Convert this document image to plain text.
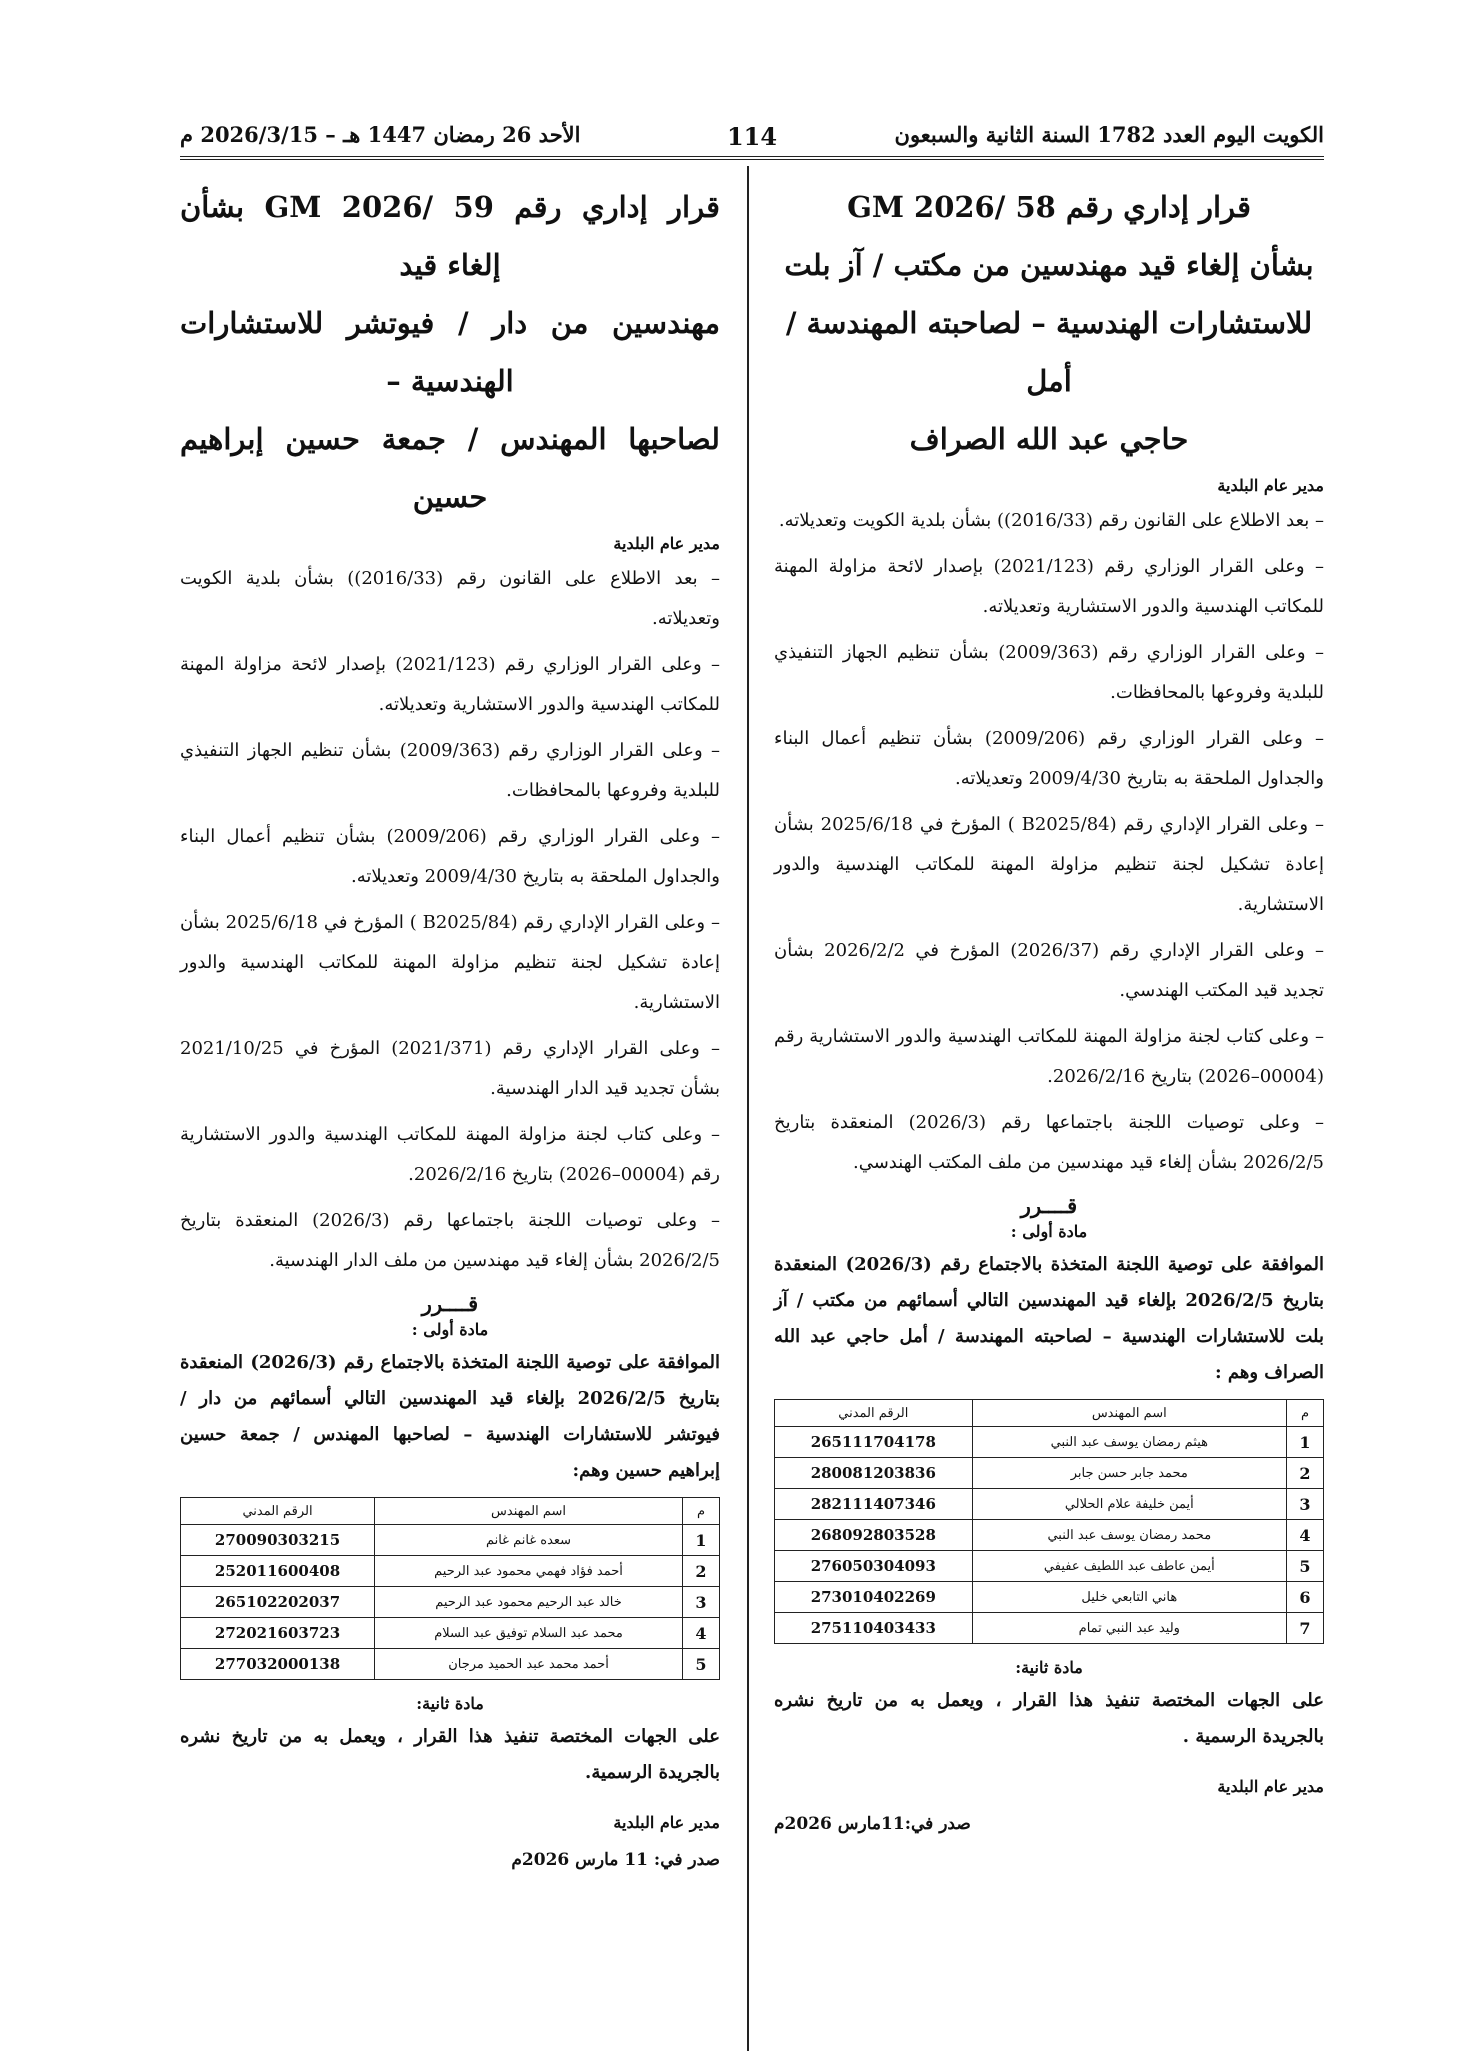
الكويت اليوم العدد 1782 السنة الثانية والسبعون
114
الأحد 26 رمضان 1447 هـ – 2026/3/15 م
قرار إداري رقم 58 /GM 2026
بشأن إلغاء قيد مهندسين من مكتب / آز بلت
للاستشارات الهندسية – لصاحبته المهندسة / أمل
حاجي عبد الله الصراف
مدير عام البلدية

– بعد الاطلاع على القانون رقم (2016/33)) بشأن بلدية الكويت وتعديلاته.

– وعلى القرار الوزاري رقم (2021/123) بإصدار لائحة مزاولة المهنة للمكاتب الهندسية والدور الاستشارية وتعديلاته.

– وعلى القرار الوزاري رقم (2009/363) بشأن تنظيم الجهاز التنفيذي للبلدية وفروعها بالمحافظات.

– وعلى القرار الوزاري رقم (2009/206) بشأن تنظيم أعمال البناء والجداول الملحقة به بتاريخ 2009/4/30 وتعديلاته.

– وعلى القرار الإداري رقم (B2025/84 ) المؤرخ في 2025/6/18 بشأن إعادة تشكيل لجنة تنظيم مزاولة المهنة للمكاتب الهندسية والدور الاستشارية.

– وعلى القرار الإداري رقم (2026/37) المؤرخ في 2026/2/2 بشأن تجديد قيد المكتب الهندسي.

– وعلى كتاب لجنة مزاولة المهنة للمكاتب الهندسية والدور الاستشارية رقم (00004–2026) بتاريخ 2026/2/16.

– وعلى توصيات اللجنة باجتماعها رقم (2026/3) المنعقدة بتاريخ 2026/2/5 بشأن إلغاء قيد مهندسين من ملف المكتب الهندسي.

قــــرر
مادة أولى :

الموافقة على توصية اللجنة المتخذة بالاجتماع رقم (2026/3) المنعقدة بتاريخ 2026/2/5 بإلغاء قيد المهندسين التالي أسمائهم من مكتب / آز بلت للاستشارات الهندسية – لصاحبته المهندسة / أمل حاجي عبد الله الصراف وهم :

م	اسم المهندس	الرقم المدني
1	هيثم رمضان يوسف عبد النبي	265111704178
2	محمد جابر حسن جابر	280081203836
3	أيمن خليفة علام الحلالي	282111407346
4	محمد رمضان يوسف عبد النبي	268092803528
5	أيمن عاطف عبد اللطيف عفيفي	276050304093
6	هاني التابعي خليل	273010402269
7	وليد عبد النبي تمام	275110403433
مادة ثانية:

على الجهات المختصة تنفيذ هذا القرار ، ويعمل به من تاريخ نشره بالجريدة الرسمية .

مدير عام البلدية
صدر في:11مارس 2026م
قرار إداري رقم 59 /GM 2026 بشأن إلغاء قيد
مهندسين من دار / فيوتشر للاستشارات الهندسية –
لصاحبها المهندس / جمعة حسين إبراهيم حسين
مدير عام البلدية

– بعد الاطلاع على القانون رقم (2016/33)) بشأن بلدية الكويت وتعديلاته.

– وعلى القرار الوزاري رقم (2021/123) بإصدار لائحة مزاولة المهنة للمكاتب الهندسية والدور الاستشارية وتعديلاته.

– وعلى القرار الوزاري رقم (2009/363) بشأن تنظيم الجهاز التنفيذي للبلدية وفروعها بالمحافظات.

– وعلى القرار الوزاري رقم (2009/206) بشأن تنظيم أعمال البناء والجداول الملحقة به بتاريخ 2009/4/30 وتعديلاته.

– وعلى القرار الإداري رقم (B2025/84 ) المؤرخ في 2025/6/18 بشأن إعادة تشكيل لجنة تنظيم مزاولة المهنة للمكاتب الهندسية والدور الاستشارية.

– وعلى القرار الإداري رقم (2021/371) المؤرخ في 2021/10/25 بشأن تجديد قيد الدار الهندسية.

– وعلى كتاب لجنة مزاولة المهنة للمكاتب الهندسية والدور الاستشارية رقم (00004–2026) بتاريخ 2026/2/16.

– وعلى توصيات اللجنة باجتماعها رقم (2026/3) المنعقدة بتاريخ 2026/2/5 بشأن إلغاء قيد مهندسين من ملف الدار الهندسية.

قــــرر
مادة أولى :

الموافقة على توصية اللجنة المتخذة بالاجتماع رقم (2026/3) المنعقدة بتاريخ 2026/2/5 بإلغاء قيد المهندسين التالي أسمائهم من دار / فيوتشر للاستشارات الهندسية – لصاحبها المهندس / جمعة حسين إبراهيم حسين وهم:

م	اسم المهندس	الرقم المدني
1	سعده غانم غانم	270090303215
2	أحمد فؤاد فهمي محمود عبد الرحيم	252011600408
3	خالد عبد الرحيم محمود عبد الرحيم	265102202037
4	محمد عبد السلام توفيق عبد السلام	272021603723
5	أحمد محمد عبد الحميد مرجان	277032000138
مادة ثانية:

على الجهات المختصة تنفيذ هذا القرار ، ويعمل به من تاريخ نشره بالجريدة الرسمية.

مدير عام البلدية
صدر في: 11 مارس 2026م
